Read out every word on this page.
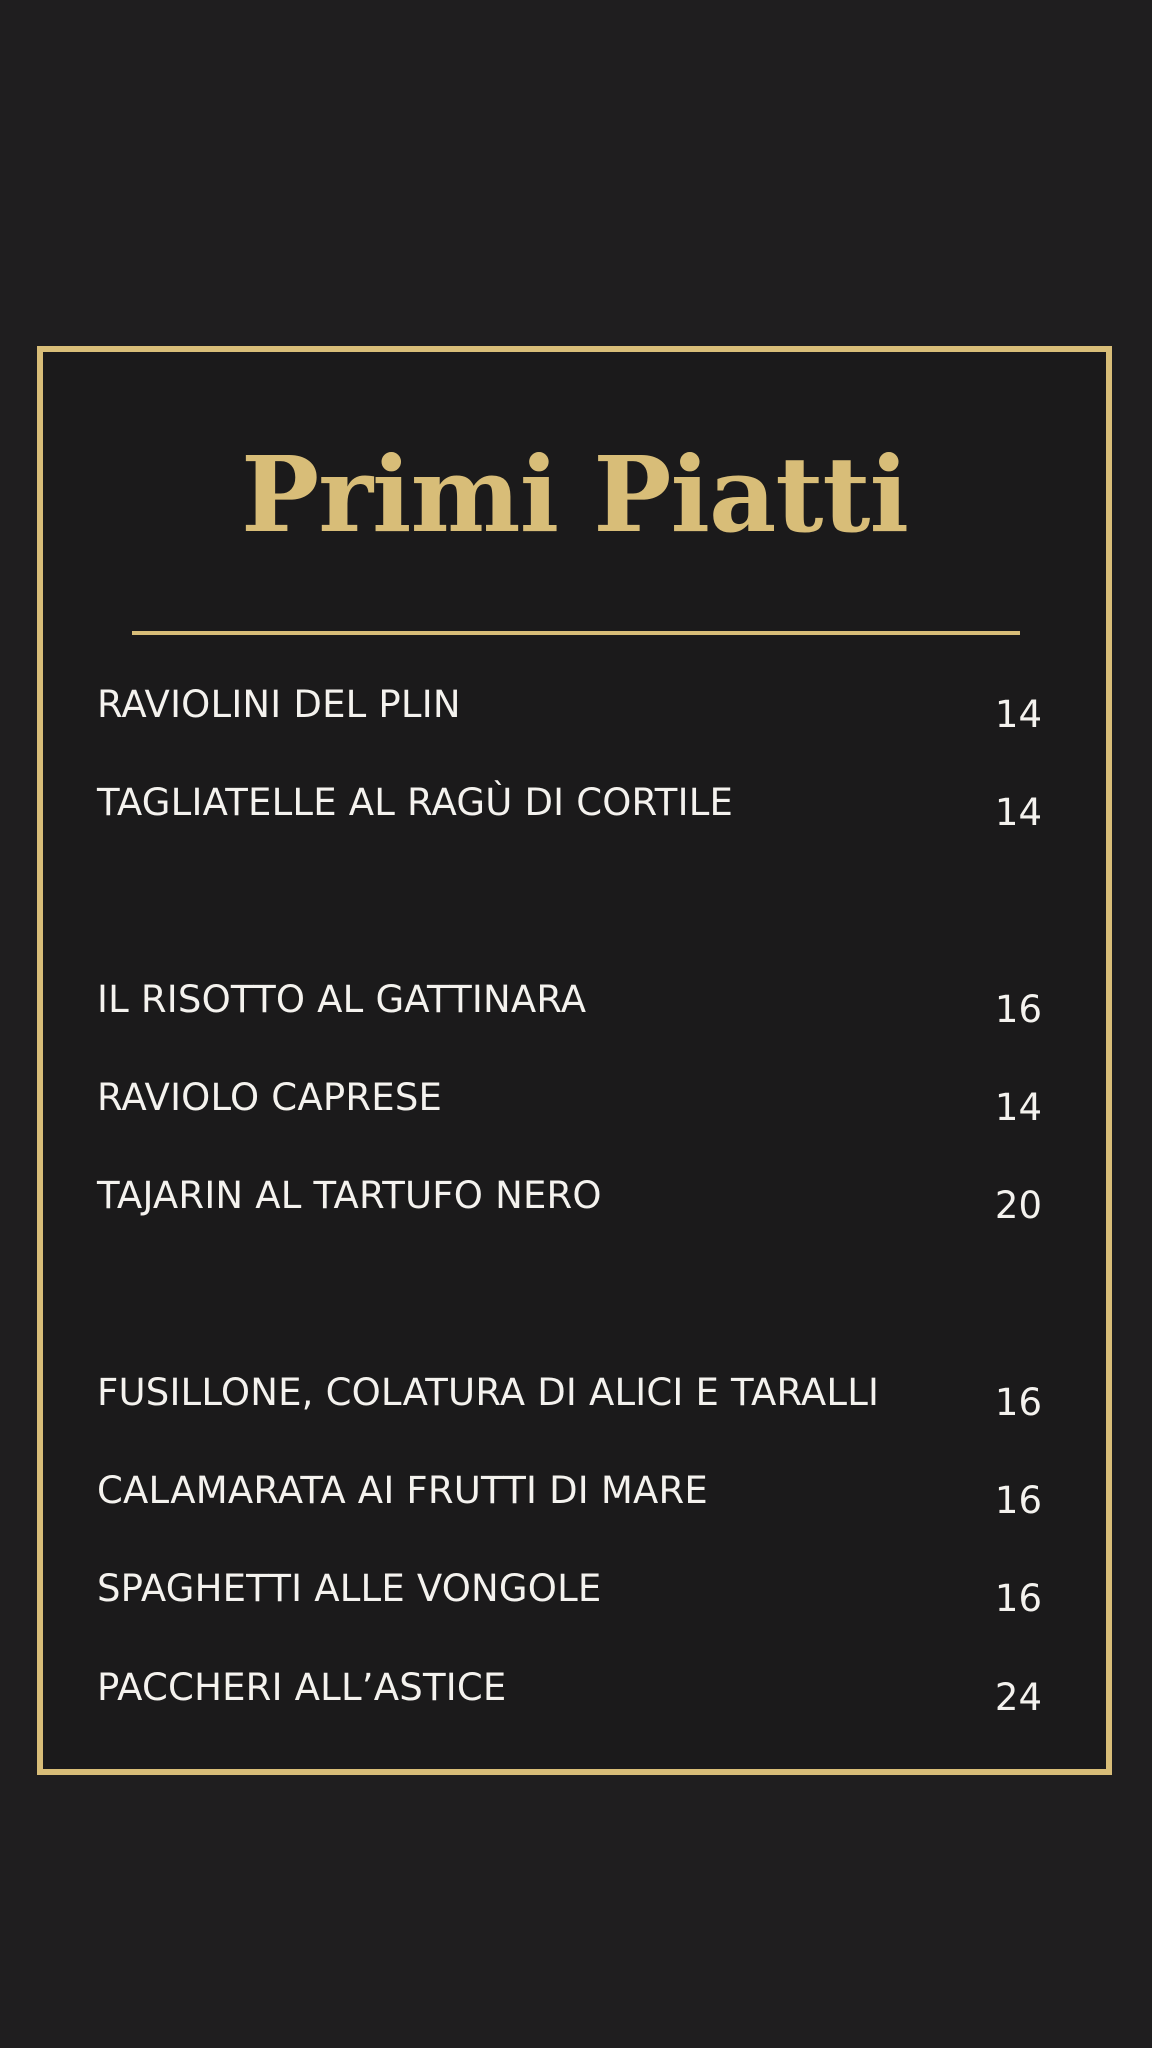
Primi Piatti
RAVIOLINI DEL PLIN	14
TAGLIATELLE AL RAGÙ DI CORTILE	14
IL RISOTTO AL GATTINARA	16
RAVIOLO CAPRESE	14
TAJARIN AL TARTUFO NERO	20
FUSILLONE, COLATURA DI ALICI E TARALLI	16
CALAMARATA AI FRUTTI DI MARE	16
SPAGHETTI ALLE VONGOLE	16
PACCHERI ALL’ASTICE	24
